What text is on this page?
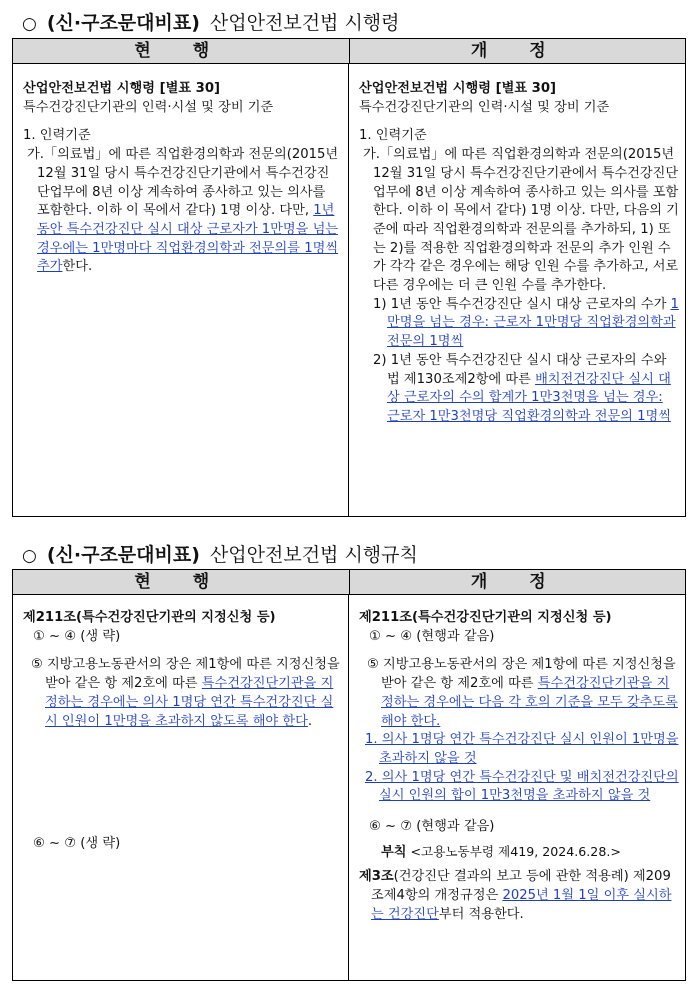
○ (신·구조문대비표) 산업안전보건법 시행령
현 행	개 정

산업안전보건법 시행령 [별표 30]

특수건강진단기관의 인력·시설 및 장비 기준

1. 인력기준

가.「의료법」에 따른 직업환경의학과 전문의(2015년 12월 31일 당시 특수건강진단기관에서 특수건강진단업무에 8년 이상 계속하여 종사하고 있는 의사를 포함한다. 이하 이 목에서 같다) 1명 이상. 다만, 1년 동안 특수건강진단 실시 대상 근로자가 1만명을 넘는 경우에는 1만명마다 직업환경의학과 전문의를 1명씩 추가한다.

산업안전보건법 시행령 [별표 30]

특수건강진단기관의 인력·시설 및 장비 기준

1. 인력기준

가.「의료법」에 따른 직업환경의학과 전문의(2015년 12월 31일 당시 특수건강진단기관에서 특수건강진단업무에 8년 이상 계속하여 종사하고 있는 의사를 포함한다. 이하 이 목에서 같다) 1명 이상. 다만, 다음의 기준에 따라 직업환경의학과 전문의를 추가하되, 1) 또는 2)를 적용한 직업환경의학과 전문의 추가 인원 수가 각각 같은 경우에는 해당 인원 수를 추가하고, 서로 다른 경우에는 더 큰 인원 수를 추가한다.

1) 1년 동안 특수건강진단 실시 대상 근로자의 수가 1만명을 넘는 경우: 근로자 1만명당 직업환경의학과 전문의 1명씩

2) 1년 동안 특수건강진단 실시 대상 근로자의 수와 법 제130조제2항에 따른 배치전건강진단 실시 대상 근로자의 수의 합계가 1만3천명을 넘는 경우: 근로자 1만3천명당 직업환경의학과 전문의 1명씩

○ (신·구조문대비표) 산업안전보건법 시행규칙
현 행	개 정

제211조(특수건강진단기관의 지정신청 등)

① ~ ④ (생 략)

⑤ 지방고용노동관서의 장은 제1항에 따른 지정신청을 받아 같은 항 제2호에 따른 특수건강진단기관을 지정하는 경우에는 의사 1명당 연간 특수건강진단 실시 인원이 1만명을 초과하지 않도록 해야 한다.

⑥ ~ ⑦ (생 략)

제211조(특수건강진단기관의 지정신청 등)

① ~ ④ (현행과 같음)

⑤ 지방고용노동관서의 장은 제1항에 따른 지정신청을 받아 같은 항 제2호에 따른 특수건강진단기관을 지정하는 경우에는 다음 각 호의 기준을 모두 갖추도록 해야 한다.

1. 의사 1명당 연간 특수건강진단 실시 인원이 1만명을 초과하지 않을 것

2. 의사 1명당 연간 특수건강진단 및 배치전건강진단의 실시 인원의 합이 1만3천명을 초과하지 않을 것

⑥ ~ ⑦ (현행과 같음)

부칙 <고용노동부령 제419, 2024.6.28.>

제3조(건강진단 결과의 보고 등에 관한 적용례) 제209조제4항의 개정규정은 2025년 1월 1일 이후 실시하는 건강진단부터 적용한다.
